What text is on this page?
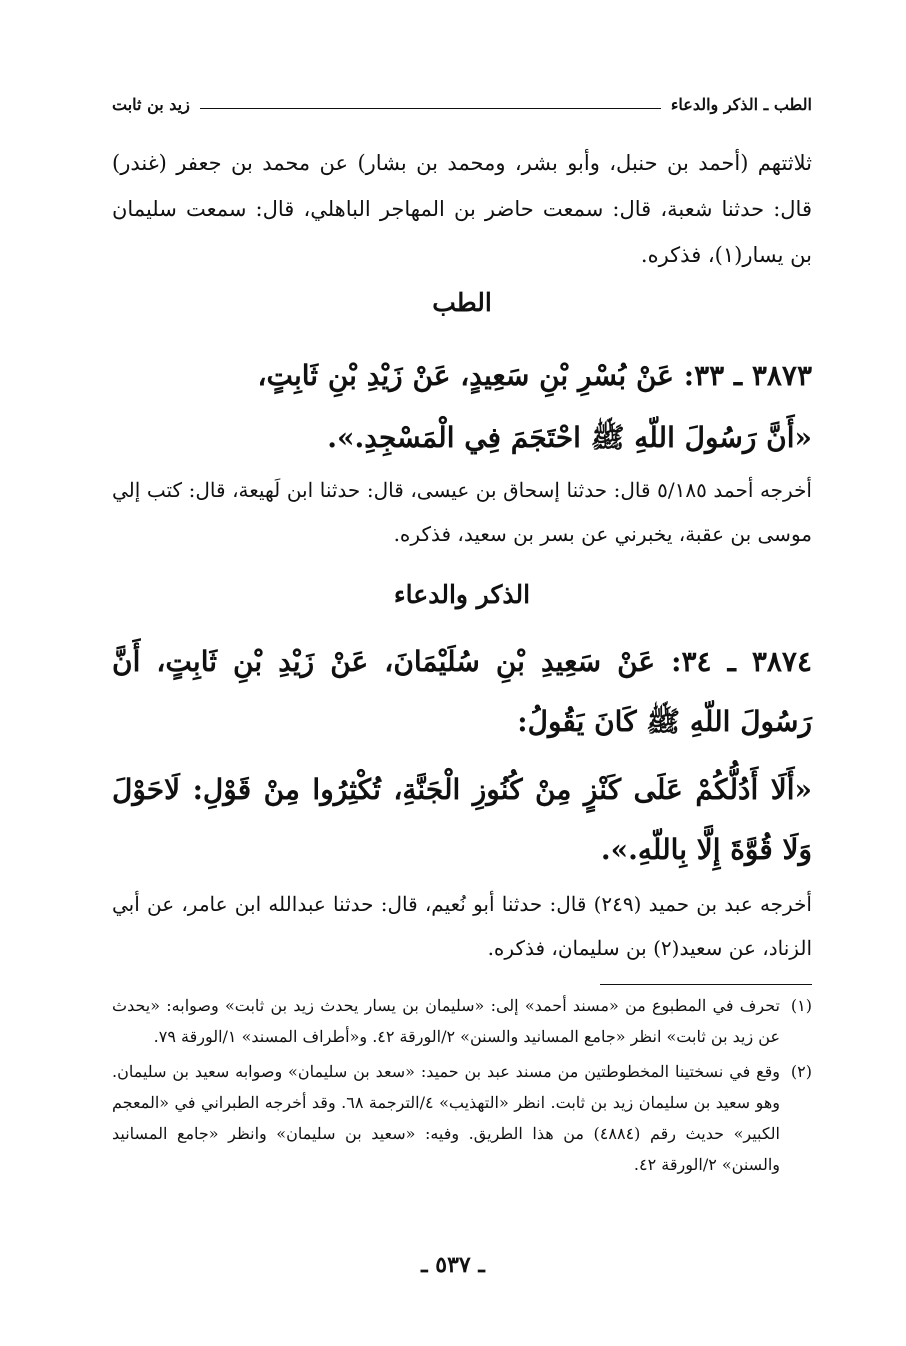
الطب ـ الذكر والدعاء
زيد بن ثابت
ثلاثتهم (أحمد بن حنبل، وأبو بشر، ومحمد بن بشار) عن محمد بن جعفر (غندر) قال: حدثنا شعبة، قال: سمعت حاضر بن المهاجر الباهلي، قال: سمعت سليمان بن يسار(١)، فذكره.
الطب
٣٨٧٣ ـ ٣٣: عَنْ بُسْرِ بْنِ سَعِيدٍ، عَنْ زَيْدِ بْنِ ثَابِتٍ،
«أَنَّ رَسُولَ اللّهِ ﷺ احْتَجَمَ فِي الْمَسْجِدِ.».
أخرجه أحمد ٥/١٨٥ قال: حدثنا إسحاق بن عيسى، قال: حدثنا ابن لَهيعة، قال: كتب إلي موسى بن عقبة، يخبرني عن بسر بن سعيد، فذكره.
الذكر والدعاء
٣٨٧٤ ـ ٣٤: عَنْ سَعِيدِ بْنِ سُلَيْمَانَ، عَنْ زَيْدِ بْنِ ثَابِتٍ، أَنَّ رَسُولَ اللّهِ ﷺ كَانَ يَقُولُ:
«أَلَا أَدُلُّكُمْ عَلَى كَنْزٍ مِنْ كُنُوزِ الْجَنَّةِ، تُكْثِرُوا مِنْ قَوْلِ: لَاحَوْلَ وَلَا قُوَّةَ إِلَّا بِاللّهِ.».
أخرجه عبد بن حميد (٢٤٩) قال: حدثنا أبو نُعيم، قال: حدثنا عبدالله ابن عامر، عن أبي الزناد، عن سعيد(٢) بن سليمان، فذكره.
(١)
تحرف في المطبوع من «مسند أحمد» إلى: «سليمان بن يسار يحدث زيد بن ثابت» وصوابه: «يحدث عن زيد بن ثابت» انظر «جامع المسانيد والسنن» ٢/الورقة ٤٢. و«أطراف المسند» ١/الورقة ٧٩.
(٢)
وقع في نسختينا المخطوطتين من مسند عبد بن حميد: «سعد بن سليمان» وصوابه سعيد بن سليمان. وهو سعيد بن سليمان زيد بن ثابت. انظر «التهذيب» ٤/الترجمة ٦٨. وقد أخرجه الطبراني في «المعجم الكبير» حديث رقم (٤٨٨٤) من هذا الطريق. وفيه: «سعيد بن سليمان» وانظر «جامع المسانيد والسنن» ٢/الورقة ٤٢.
ـ ٥٣٧ ـ
